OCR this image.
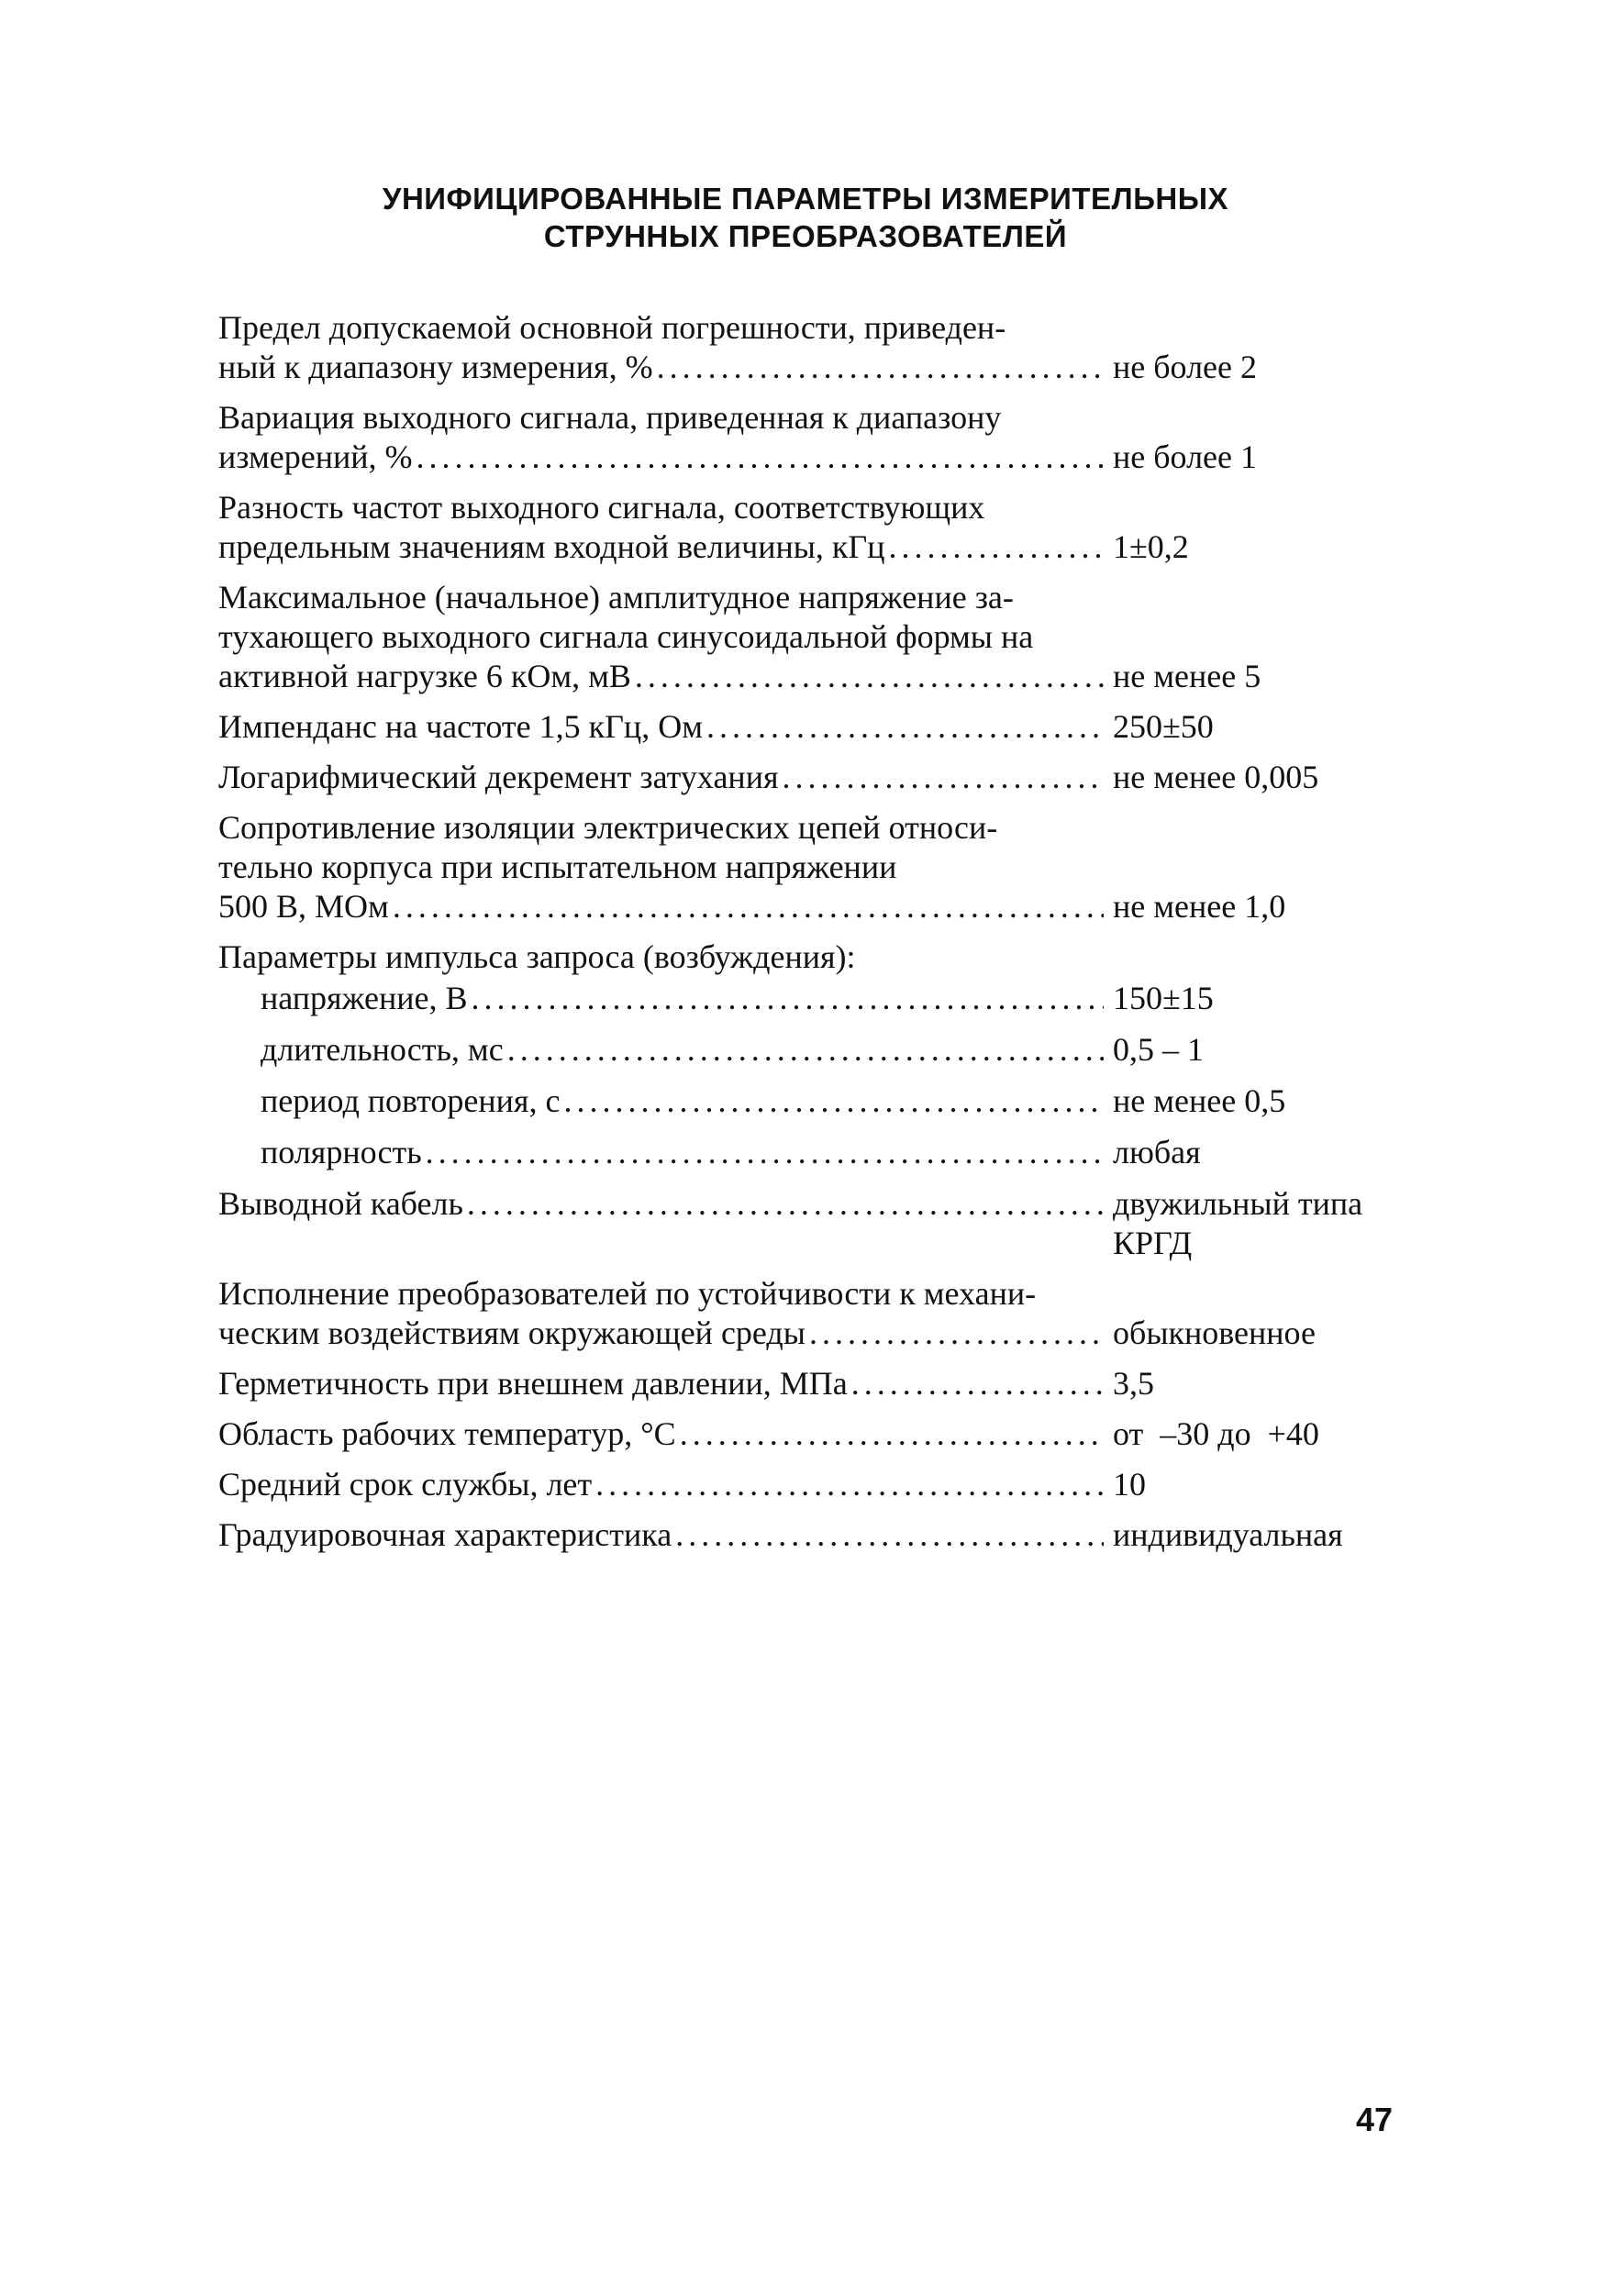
УНИФИЦИРОВАННЫЕ ПАРАМЕТРЫ ИЗМЕРИТЕЛЬНЫХ
СТРУННЫХ ПРЕОБРАЗОВАТЕЛЕЙ
Предел допускаемой основной погрешности, приведен-
ный к диапазону измерения, % . . .	не более 2
Вариация выходного сигнала, приведенная к диапазону
измерений, % . . .	не более 1
Разность частот выходного сигнала, соответствующих
предельным значениям входной величины, кГц . . .	1±0,2
Максимальное (начальное) амплитудное напряжение за-
тухающего выходного сигнала синусоидальной формы на
активной нагрузке 6 кОм, мВ . . .	не менее 5
Импенданс на частоте 1,5 кГц, Ом . . .	250±50
Логарифмический декремент затухания . . .	не менее 0,005
Сопротивление изоляции электрических цепей относи-
тельно корпуса при испытательном напряжении
500 В, МОм . . .	не менее 1,0
Параметры импульса запроса (возбуждения):
напряжение, В . . .	150±15
длительность, мс . . .	0,5 – 1
период повторения, с . . .	не менее 0,5
полярность . . .	любая
Выводной кабель . . .	двужильный типа
КРГД
Исполнение преобразователей по устойчивости к механи-
ческим воздействиям окружающей среды . . .	обыкновенное
Герметичность при внешнем давлении, МПа . . .	3,5
Область рабочих температур, °С . . .	от  –30 до  +40
Средний срок службы, лет . . .	10
Градуировочная характеристика . . .	индивидуальная
47
